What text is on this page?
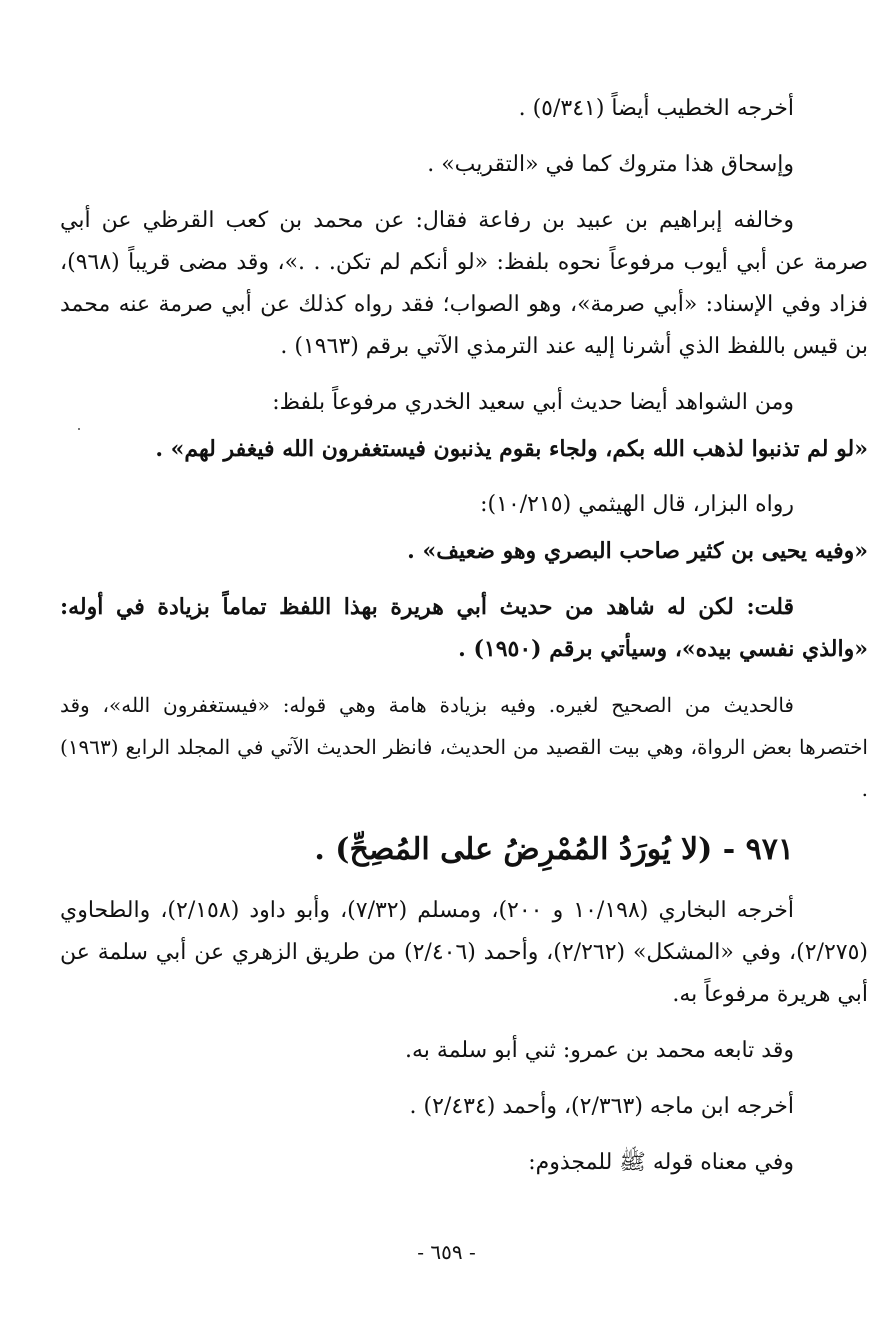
أخرجه الخطيب أيضاً (٥/٣٤١) .

وإسحاق هذا متروك كما في «التقريب» .

وخالفه إبراهيم بن عبيد بن رفاعة فقال: عن محمد بن كعب القرظي عن أبي صرمة عن أبي أيوب مرفوعاً نحوه بلفظ: «لو أنكم لم تكن. . .»، وقد مضى قريباً (٩٦٨)، فزاد وفي الإسناد: «أبي صرمة»، وهو الصواب؛ فقد رواه كذلك عن أبي صرمة عنه محمد بن قيس باللفظ الذي أشرنا إليه عند الترمذي الآتي برقم (١٩٦٣) .

ومن الشواهد أيضا حديث أبي سعيد الخدري مرفوعاً بلفظ:

«لو لم تذنبوا لذهب الله بكم، ولجاء بقوم يذنبون فيستغفرون الله فيغفر لهم» .

رواه البزار، قال الهيثمي (١٠/٢١٥):

«وفيه يحيى بن كثير صاحب البصري وهو ضعيف» .

قلت: لكن له شاهد من حديث أبي هريرة بهذا اللفظ تماماً بزيادة في أوله: «والذي نفسي بيده»، وسيأتي برقم (١٩٥٠) .

فالحديث من الصحيح لغيره. وفيه بزيادة هامة وهي قوله: «فيستغفرون الله»، وقد اختصرها بعض الرواة، وهي بيت القصيد من الحديث، فانظر الحديث الآتي في المجلد الرابع (١٩٦٣) .

٩٧١ - (لا يُورَدُ المُمْرِضُ على المُصِحِّ) .

أخرجه البخاري (١٠/١٩٨ و ٢٠٠)، ومسلم (٧/٣٢)، وأبو داود (٢/١٥٨)، والطحاوي (٢/٢٧٥)، وفي «المشكل» (٢/٢٦٢)، وأحمد (٢/٤٠٦) من طريق الزهري عن أبي سلمة عن أبي هريرة مرفوعاً به.

وقد تابعه محمد بن عمرو: ثني أبو سلمة به.

أخرجه ابن ماجه (٢/٣٦٣)، وأحمد (٢/٤٣٤) .

وفي معناه قوله ﷺ للمجذوم:

- ٦٥٩ -
